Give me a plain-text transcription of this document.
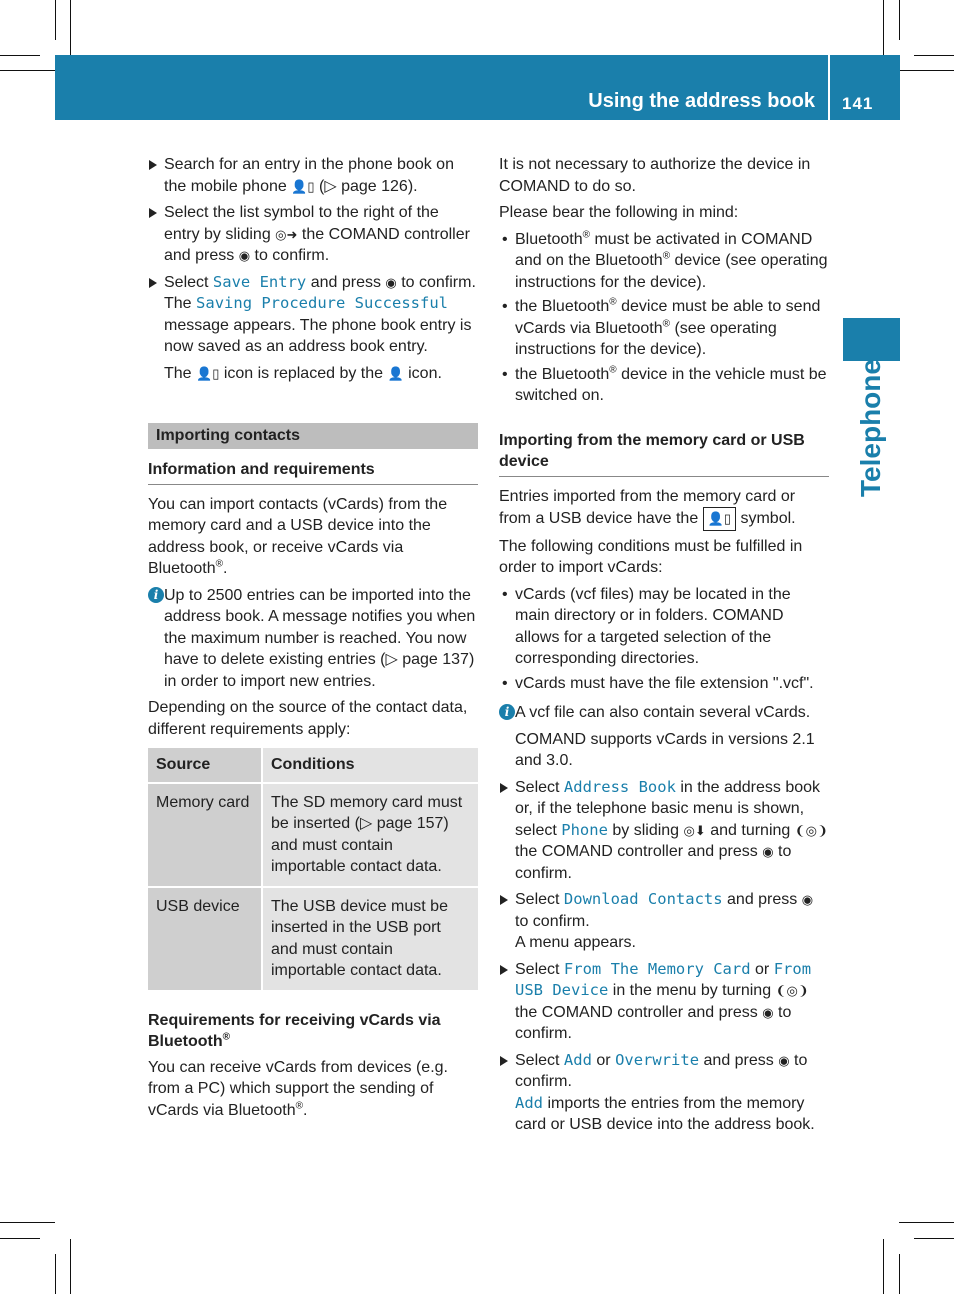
Using the address book 141
Telephone
Search for an entry in the phone book on the mobile phone 👤▯ (▷ page 126).
Select the list symbol to the right of the entry by sliding ◎➜ the COMAND controller and press ◉ to confirm.
Select Save Entry and press ◉ to confirm.
The Saving Procedure Successful message appears. The phone book entry is now saved as an address book entry.
The 👤▯ icon is replaced by the 👤 icon.
Importing contacts
Information and requirements

You can import contacts (vCards) from the memory card and a USB device into the address book, or receive vCards via Bluetooth®.

i Up to 2500 entries can be imported into the address book. A message notifies you when the maximum number is reached. You now have to delete existing entries (▷ page 137) in order to import new entries.

Depending on the source of the contact data, different requirements apply:

Source	Conditions
Memory card	The SD memory card must be inserted (▷ page 157) and must contain importable contact data.
USB device	The USB device must be inserted in the USB port and must contain importable contact data.
Requirements for receiving vCards via Bluetooth®

You can receive vCards from devices (e.g. from a PC) which support the sending of vCards via Bluetooth®.

It is not necessary to authorize the device in COMAND to do so.

Please bear the following in mind:

• Bluetooth® must be activated in COMAND and on the Bluetooth® device (see operating instructions for the device).
• the Bluetooth® device must be able to send vCards via Bluetooth® (see operating instructions for the device).
• the Bluetooth® device in the vehicle must be switched on.
Importing from the memory card or USB device

Entries imported from the memory card or from a USB device have the 👤▯ symbol.

The following conditions must be fulfilled in order to import vCards:

• vCards (vcf files) may be located in the main directory or in folders. COMAND allows for a targeted selection of the corresponding directories.
• vCards must have the file extension ".vcf".
i A vcf file can also contain several vCards.

COMAND supports vCards in versions 2.1 and 3.0.

Select Address Book in the address book or, if the telephone basic menu is shown, select Phone by sliding ◎⬇ and turning ❨◎❩ the COMAND controller and press ◉ to confirm.
Select Download Contacts and press ◉ to confirm.
A menu appears.
Select From The Memory Card or From USB Device in the menu by turning ❨◎❩ the COMAND controller and press ◉ to confirm.
Select Add or Overwrite and press ◉ to confirm.
Add imports the entries from the memory card or USB device into the address book.
